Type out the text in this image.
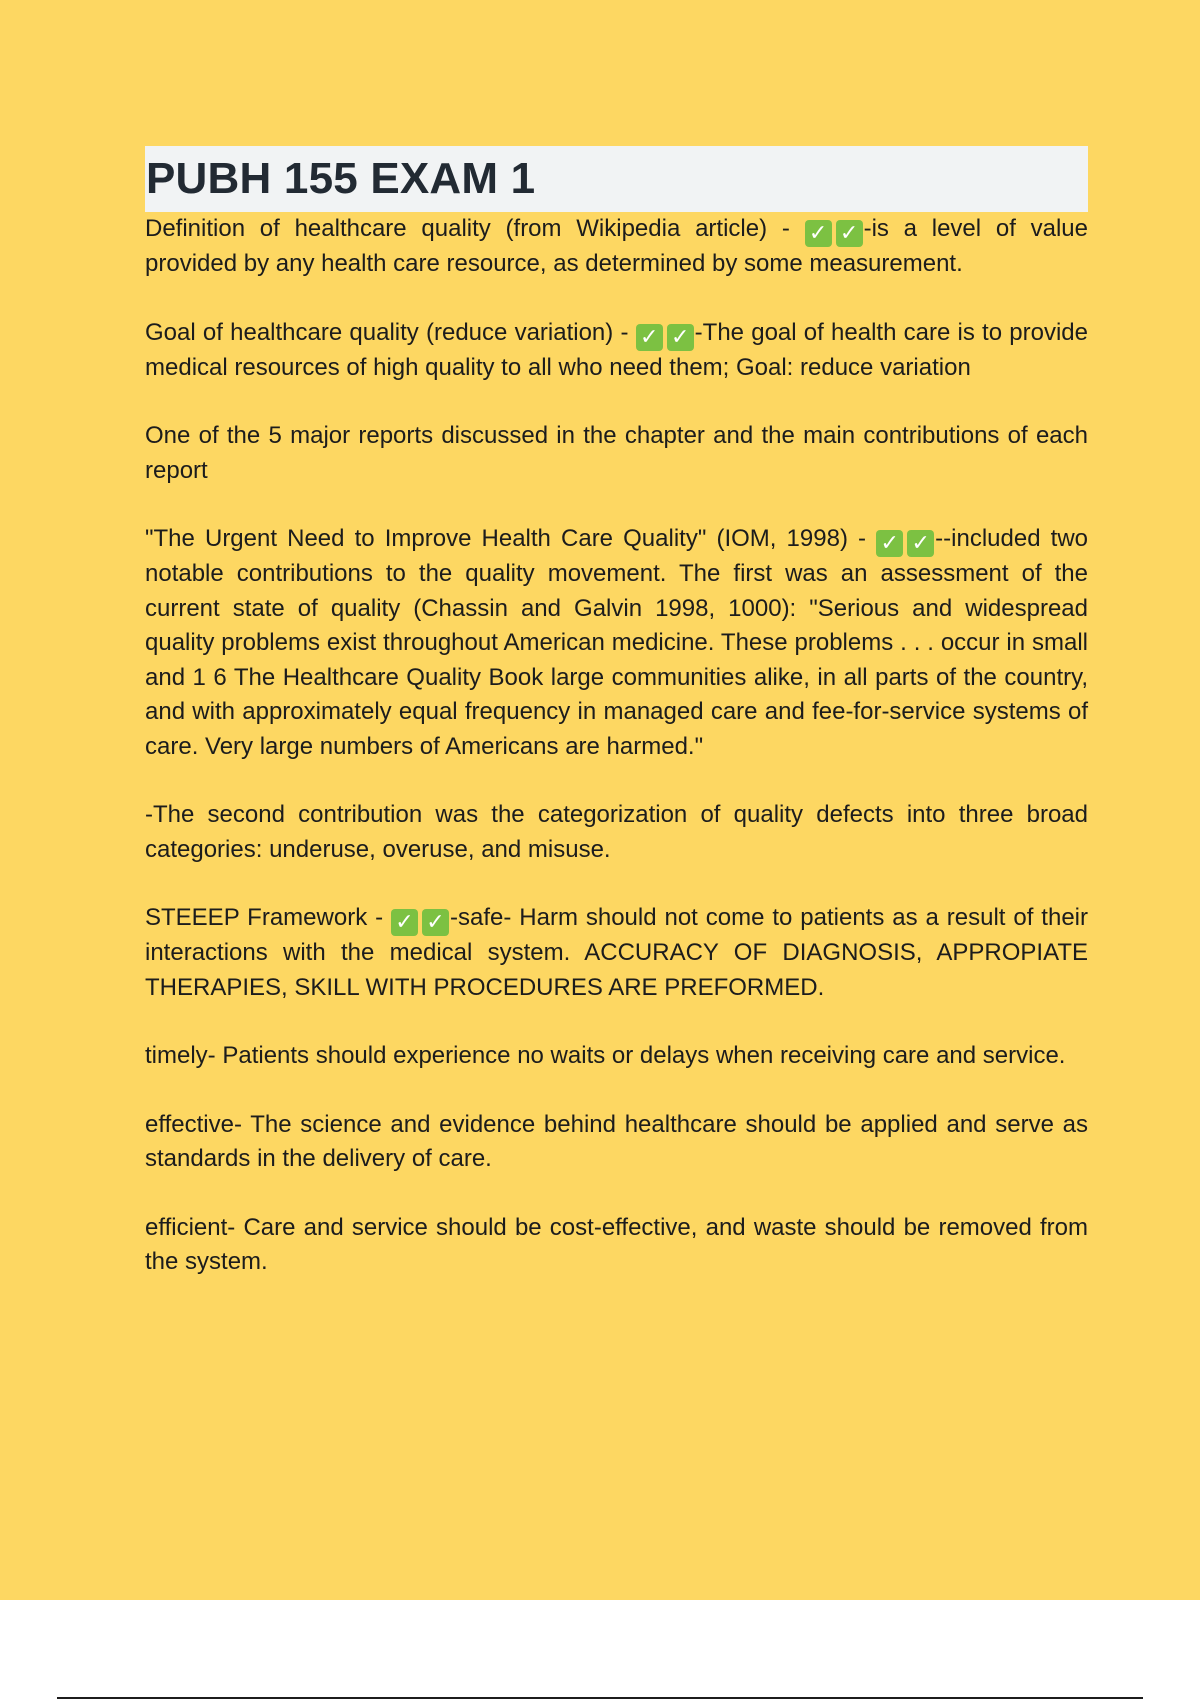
PUBH 155 EXAM 1

Definition of healthcare quality (from Wikipedia article) - ✓ ✓ -is a level of value provided by any health care resource, as determined by some measurement.

Goal of healthcare quality (reduce variation) - ✓ ✓ -The goal of health care is to provide medical resources of high quality to all who need them; Goal: reduce variation

One of the 5 major reports discussed in the chapter and the main contributions of each report

"The Urgent Need to Improve Health Care Quality" (IOM, 1998) - ✓ ✓ --included two notable contributions to the quality movement. The first was an assessment of the current state of quality (Chassin and Galvin 1998, 1000): "Serious and widespread quality problems exist throughout American medicine. These problems . . . occur in small and 1 6 The Healthcare Quality Book large communities alike, in all parts of the country, and with approximately equal frequency in managed care and fee-for-service systems of care. Very large numbers of Americans are harmed."

-The second contribution was the categorization of quality defects into three broad categories: underuse, overuse, and misuse.

STEEEP Framework - ✓ ✓ -safe- Harm should not come to patients as a result of their interactions with the medical system. ACCURACY OF DIAGNOSIS, APPROPIATE THERAPIES, SKILL WITH PROCEDURES ARE PREFORMED.

timely- Patients should experience no waits or delays when receiving care and service.

effective- The science and evidence behind healthcare should be applied and serve as standards in the delivery of care.

efficient- Care and service should be cost-effective, and waste should be removed from the system.
